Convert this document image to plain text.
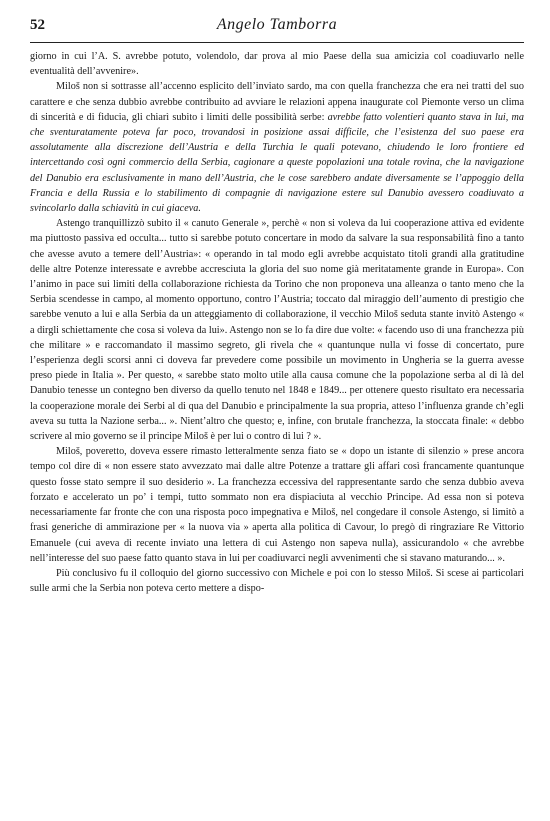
52	Angelo Tamborra

giorno in cui l’A. S. avrebbe potuto, volendolo, dar prova al mio Paese della sua amicizia col coadiuvarlo nelle eventualità dell’avvenire».

Miloš non si sottrasse all’accenno esplicito dell’inviato sardo, ma con quella franchezza che era nei tratti del suo carattere e che senza dubbio avrebbe contribuito ad avviare le relazioni appena inaugurate col Piemonte verso un clima di sincerità e di fiducia, gli chiarì subito i limiti delle possibilità serbe: avrebbe fatto volentieri quanto stava in lui, ma che sventuratamente poteva far poco, trovandosi in posizione assai difficile, che l’esistenza del suo paese era assolutamente alla discrezione dell’Austria e della Turchia le quali potevano, chiudendo le loro frontiere ed intercettando così ogni commercio della Serbia, cagionare a queste popolazioni una totale rovina, che la navigazione del Danubio era esclusivamente in mano dell’Austria, che le cose sarebbero andate diversamente se l’appoggio della Francia e della Russia e lo stabilimento di compagnie di navigazione estere sul Danubio avessero coadiuvato a svincolarlo dalla schiavitù in cui giaceva.

Astengo tranquillizzò subito il « canuto Generale », perchè « non si voleva da lui cooperazione attiva ed evidente ma piuttosto passiva ed occulta... tutto si sarebbe potuto concertare in modo da salvare la sua responsabilità fino a tanto che avesse avuto a temere dell’Austria»: « operando in tal modo egli avrebbe acquistato titoli grandi alla gratitudine delle altre Potenze interessate e avrebbe accresciuta la gloria del suo nome già meritatamente grande in Europa». Con l’animo in pace sui limiti della collaborazione richiesta da Torino che non proponeva una alleanza o tanto meno che la Serbia scendesse in campo, al momento opportuno, contro l’Austria; toccato dal miraggio dell’aumento di prestigio che sarebbe venuto a lui e alla Serbia da un atteggiamento di collaborazione, il vecchio Miloš seduta stante invitò Astengo « a dirgli schiettamente che cosa si voleva da lui». Astengo non se lo fa dire due volte: « facendo uso di una franchezza più che militare » e raccomandato il massimo segreto, gli rivela che « quantunque nulla vi fosse di concertato, pure l’esperienza degli scorsi anni ci doveva far prevedere come possibile un movimento in Ungheria se la guerra avesse preso piede in Italia ». Per questo, « sarebbe stato molto utile alla causa comune che la popolazione serba al di là del Danubio tenesse un contegno ben diverso da quello tenuto nel 1848 e 1849... per ottenere questo risultato era necessaria la cooperazione morale dei Serbi al di qua del Danubio e principalmente la sua propria, atteso l’influenza grande ch’egli aveva su tutta la Nazione serba... ». Nient’altro che questo; e, infine, con brutale franchezza, la stoccata finale: « debbo scrivere al mio governo se il principe Miloš è per lui o contro di lui ? ».

Miloš, poveretto, doveva essere rimasto letteralmente senza fiato se « dopo un istante di silenzio » prese ancora tempo col dire di « non essere stato avvezzato mai dalle altre Potenze a trattare gli affari così francamente quantunque questo fosse stato sempre il suo desiderio ». La franchezza eccessiva del rappresentante sardo che senza dubbio aveva forzato e accelerato un po’ i tempi, tutto sommato non era dispiaciuta al vecchio Principe. Ad essa non si poteva necessariamente far fronte che con una risposta poco impegnativa e Miloš, nel congedare il console Astengo, si limitò a frasi generiche di ammirazione per « la nuova via » aperta alla politica di Cavour, lo pregò di ringraziare Re Vittorio Emanuele (cui aveva di recente inviato una lettera di cui Astengo non sapeva nulla), assicurandolo « che avrebbe nell’interesse del suo paese fatto quanto stava in lui per coadiuvarci negli avvenimenti che si stavano maturando... ».

Più conclusivo fu il colloquio del giorno successivo con Michele e poi con lo stesso Miloš. Si scese ai particolari sulle armi che la Serbia non poteva certo mettere a dispo-
